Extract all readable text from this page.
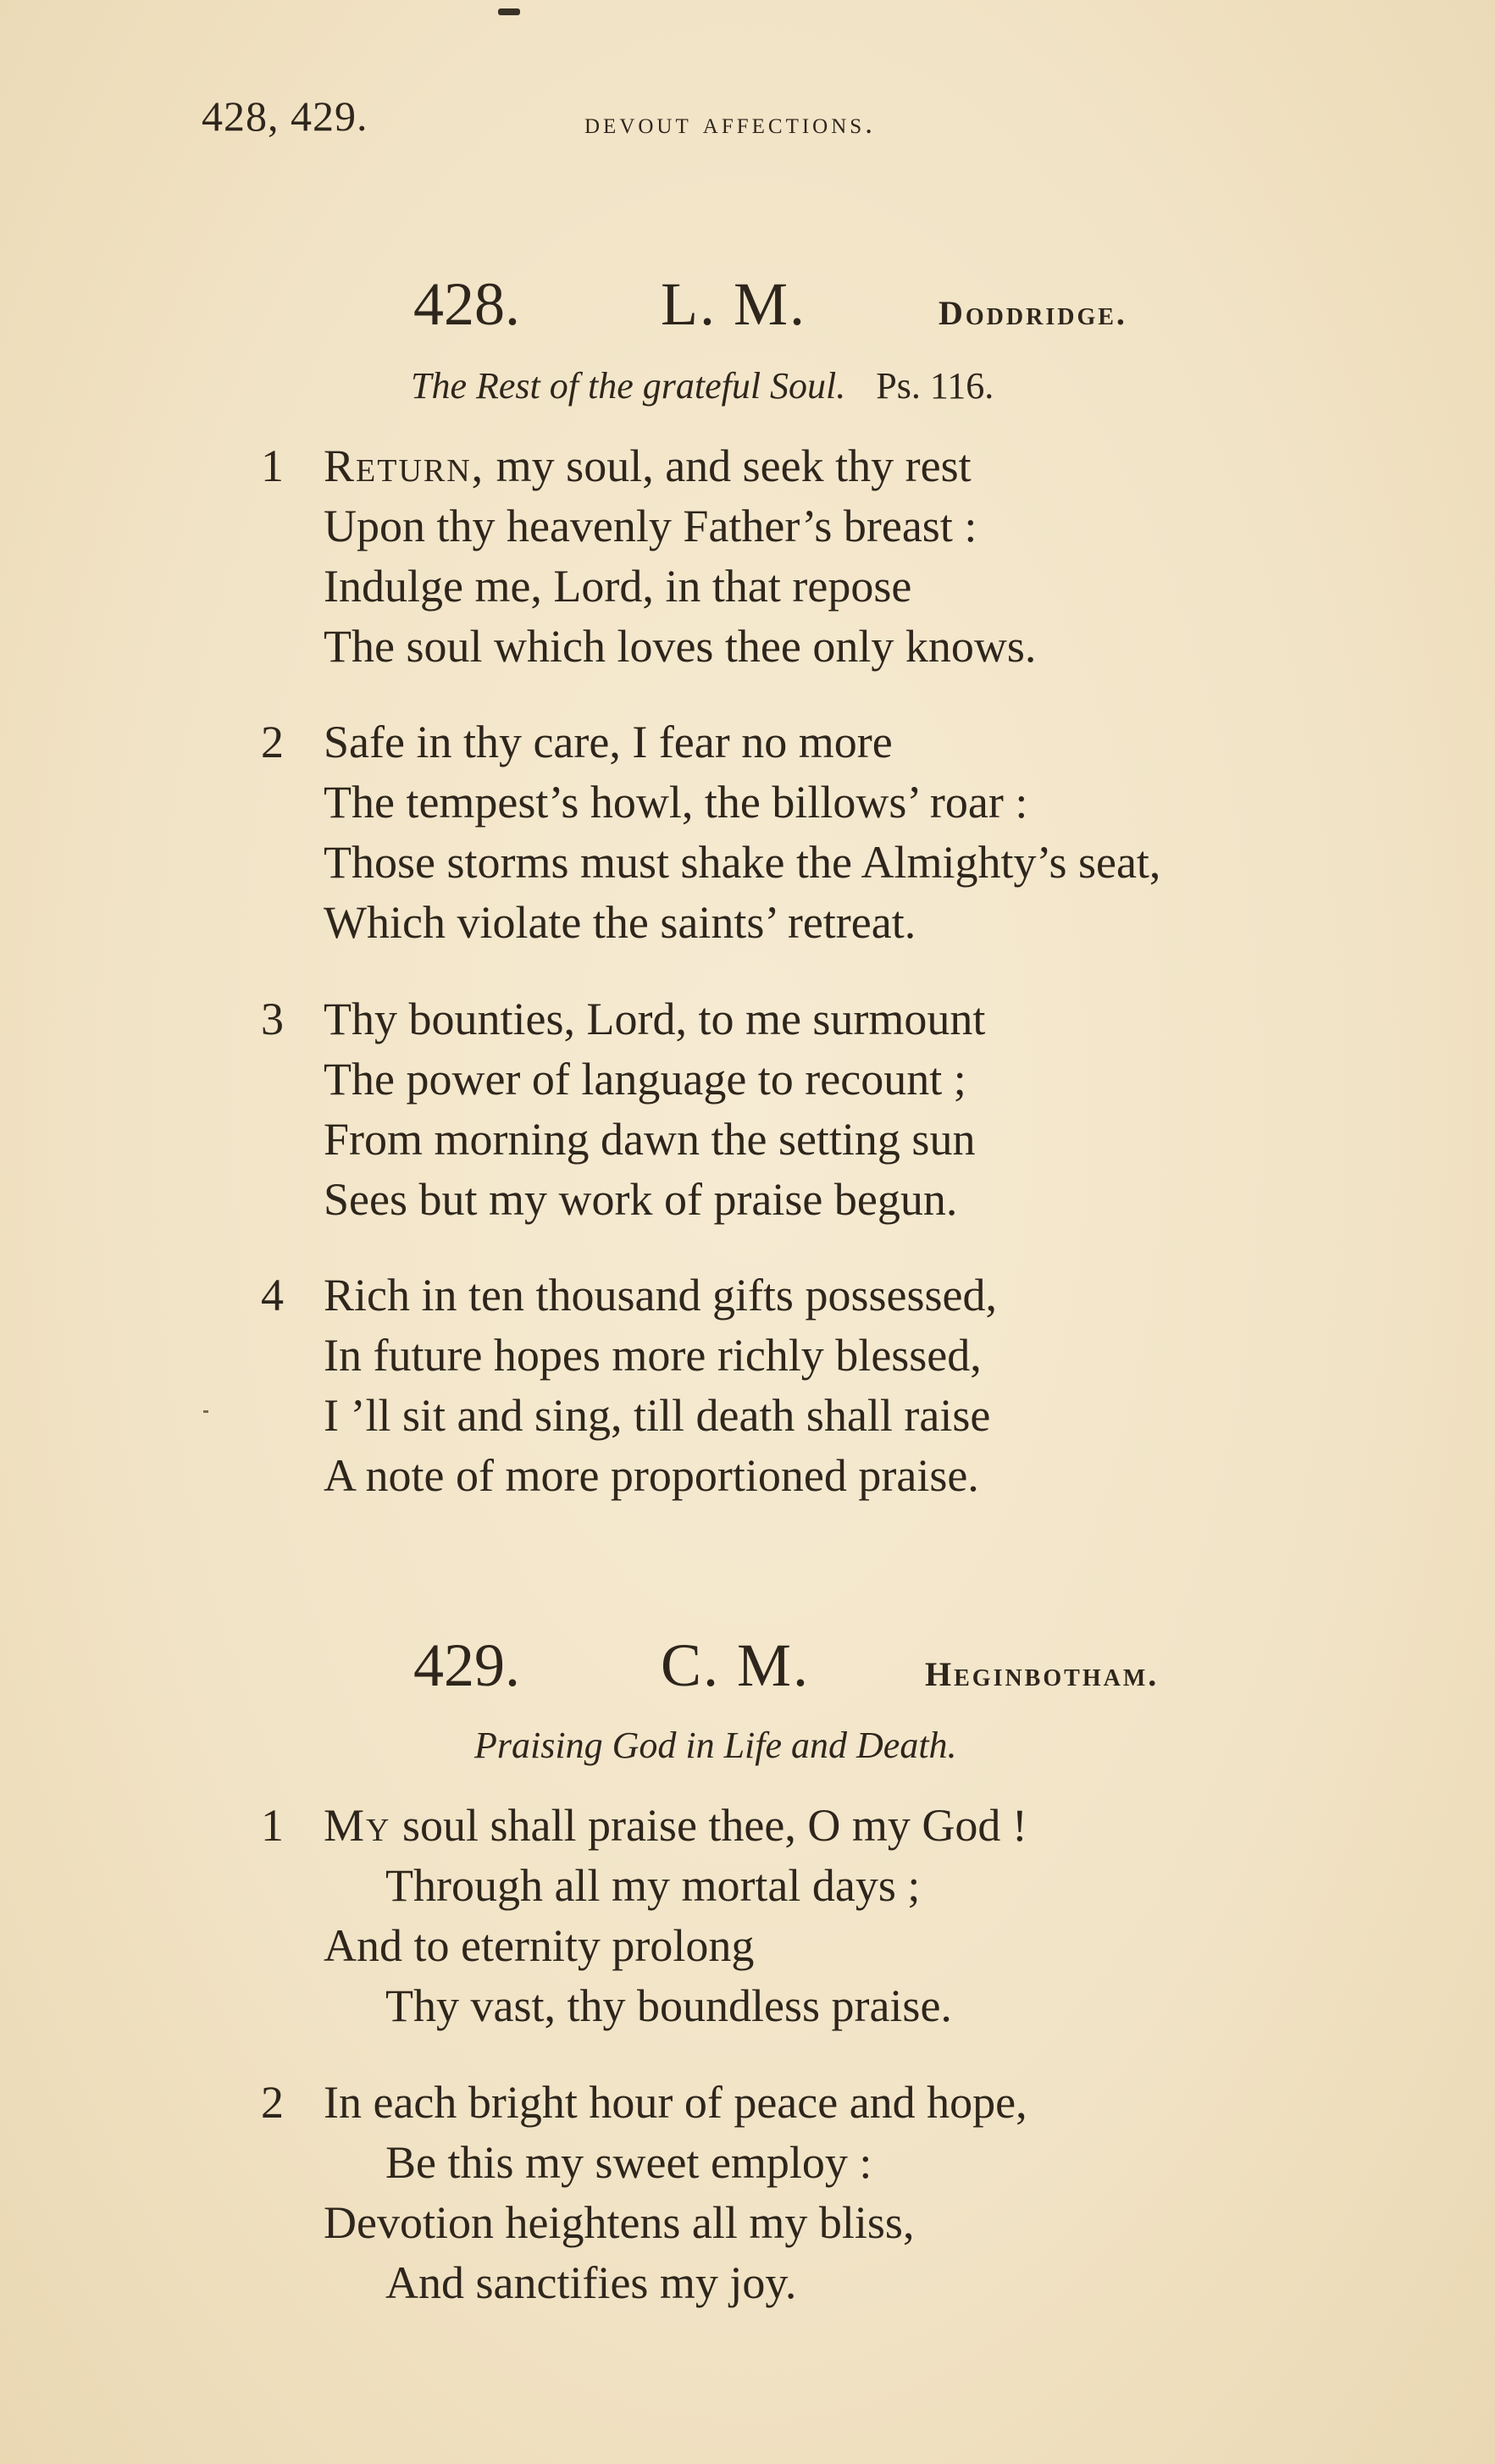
428, 429.	devout affections.
428. L. M.	Doddridge.
The Rest of the grateful Soul. Ps. 116.
1 Return, my soul, and seek thy rest
Upon thy heavenly Father’s breast :
Indulge me, Lord, in that repose
The soul which loves thee only knows.
2 Safe in thy care, I fear no more
The tempest’s howl, the billows’ roar :
Those storms must shake the Almighty’s seat,
Which violate the saints’ retreat.
3 Thy bounties, Lord, to me surmount
The power of language to recount ;
From morning dawn the setting sun
Sees but my work of praise begun.
4 Rich in ten thousand gifts possessed,
In future hopes more richly blessed,
I ’ll sit and sing, till death shall raise
A note of more proportioned praise.
429. C. M.	Heginbotham.
Praising God in Life and Death.
1 My soul shall praise thee, O my God !
Through all my mortal days ;
And to eternity prolong
Thy vast, thy boundless praise.
2 In each bright hour of peace and hope,
Be this my sweet employ :
Devotion heightens all my bliss,
And sanctifies my joy.
